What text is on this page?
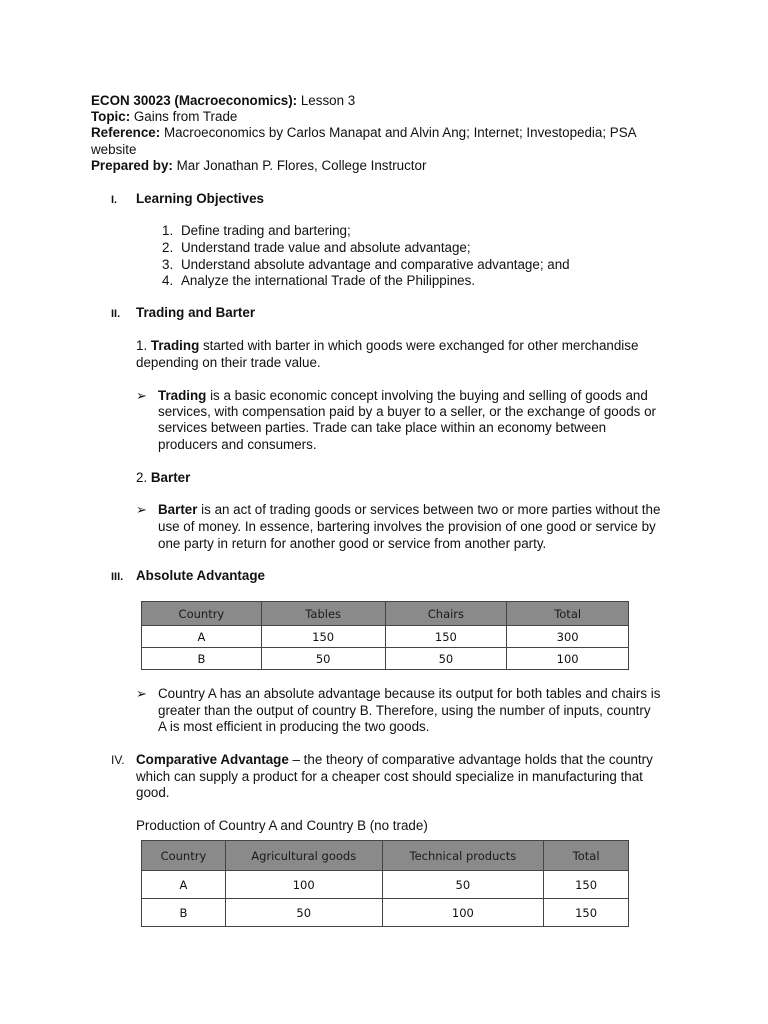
ECON 30023 (Macroeconomics): Lesson 3
Topic: Gains from Trade
Reference: Macroeconomics by Carlos Manapat and Alvin Ang; Internet; Investopedia; PSA
website
Prepared by: Mar Jonathan P. Flores, College Instructor
I. Learning Objectives
1. Define trading and bartering;
2. Understand trade value and absolute advantage;
3. Understand absolute advantage and comparative advantage; and
4. Analyze the international Trade of the Philippines.
II. Trading and Barter
1. Trading started with barter in which goods were exchanged for other merchandise
depending on their trade value.
➢ Trading is a basic economic concept involving the buying and selling of goods and
services, with compensation paid by a buyer to a seller, or the exchange of goods or
services between parties. Trade can take place within an economy between
producers and consumers.
2. Barter
➢ Barter is an act of trading goods or services between two or more parties without the
use of money. In essence, bartering involves the provision of one good or service by
one party in return for another good or service from another party.
III. Absolute Advantage
Country	Tables	Chairs	Total
A	150	150	300
B	50	50	100
➢ Country A has an absolute advantage because its output for both tables and chairs is
greater than the output of country B. Therefore, using the number of inputs, country
A is most efficient in producing the two goods.
IV. Comparative Advantage – the theory of comparative advantage holds that the country
which can supply a product for a cheaper cost should specialize in manufacturing that
good.
Production of Country A and Country B (no trade)
Country	Agricultural goods	Technical products	Total
A	100	50	150
B	50	100	150
